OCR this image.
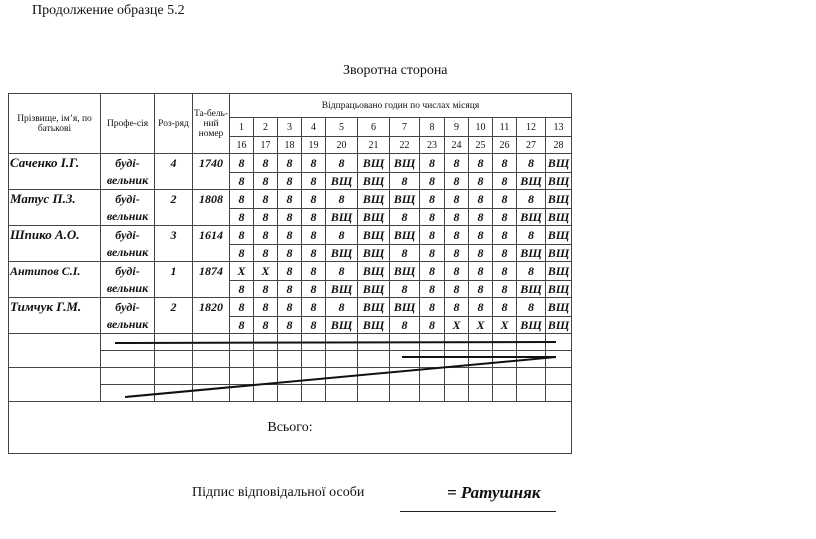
Продолжение образце 5.2
Зворотна сторона
Прізвище, ім’я, по батькові	Профе-сія	Роз-ряд	Та-бель-ний номер	Відпрацьовано годин по числах місяця												
				1	2	3	4	5	6	7	8	9	10	11	12	13
				16	17	18	19	20	21	22	23	24	25	26	27	28
Саченко І.Г.	буді-	4	1740	8	8	8	8	8	ВЩ	ВЩ	8	8	8	8	8	ВЩ
	вельник			8	8	8	8	ВЩ	ВЩ	8	8	8	8	8	ВЩ	ВЩ
Матус П.З.	буді-	2	1808	8	8	8	8	8	ВЩ	ВЩ	8	8	8	8	8	ВЩ
	вельник			8	8	8	8	ВЩ	ВЩ	8	8	8	8	8	ВЩ	ВЩ
Шпико А.О.	буді-	3	1614	8	8	8	8	8	ВЩ	ВЩ	8	8	8	8	8	ВЩ
	вельник			8	8	8	8	ВЩ	ВЩ	8	8	8	8	8	ВЩ	ВЩ
Антипов С.І.	буді-	1	1874	Х	Х	8	8	8	ВЩ	ВЩ	8	8	8	8	8	ВЩ
	вельник			8	8	8	8	ВЩ	ВЩ	8	8	8	8	8	ВЩ	ВЩ
Тимчук Г.М.	буді-	2	1820	8	8	8	8	8	ВЩ	ВЩ	8	8	8	8	8	ВЩ
	вельник			8	8	8	8	ВЩ	ВЩ	8	8	Х	Х	Х	ВЩ	ВЩ

Всього:																
Підпис відповідальної особи	= Ратушняк
